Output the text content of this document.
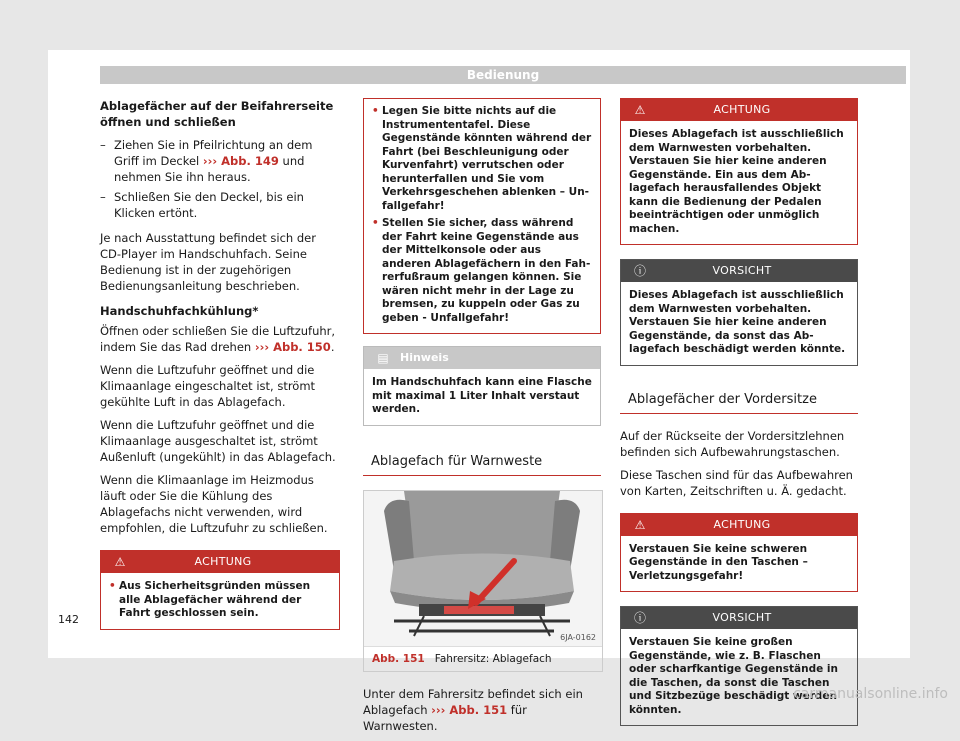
Bedienung

Ablagefächer auf der Beifahrerseite öffnen und schließen

– Ziehen Sie in Pfeilrichtung an dem Griff im Deckel ››› Abb. 149 und nehmen Sie ihn heraus.
– Schließen Sie den Deckel, bis ein Klicken ertönt.

Je nach Ausstattung befindet sich der CD-Player im Handschuhfach. Seine Bedienung ist in der zugehörigen Bedienungsanleitung beschrieben.

Handschuhfachkühlung*

Öffnen oder schließen Sie die Luftzufuhr, indem Sie das Rad drehen ››› Abb. 150.

Wenn die Luftzufuhr geöffnet und die Klimaanlage eingeschaltet ist, strömt gekühlte Luft in das Ablagefach.

Wenn die Luftzufuhr geöffnet und die Klimaanlage ausgeschaltet ist, strömt Außenluft (ungekühlt) in das Ablagefach.

Wenn die Klimaanlage im Heizmodus läuft oder Sie die Kühlung des Ablagefachs nicht verwenden, wird empfohlen, die Luftzufuhr zu schließen.

⚠	ACHTUNG
• Aus Sicherheitsgründen müssen alle Ablagefächer während der Fahrt geschlossen sein.
• Legen Sie bitte nichts auf die Instrumententafel. Diese Gegenstände könnten während der Fahrt (bei Beschleunigung oder Kurvenfahrt) verrutschen oder herunterfallen und Sie vom Verkehrsgeschehen ablenken – Unfallgefahr!
• Stellen Sie sicher, dass während der Fahrt keine Gegenstände aus der Mittelkonsole oder aus anderen Ablagefächern in den Fahrerfußraum gelangen können. Sie wären nicht mehr in der Lage zu bremsen, zu kuppeln oder Gas zu geben - Unfallgefahr!
▤	Hinweis
Im Handschuhfach kann eine Flasche mit maximal 1 Liter Inhalt verstaut werden.
Ablagefach für Warnweste
6JA-0162
Abb. 151 Fahrersitz: Ablagefach

Unter dem Fahrersitz befindet sich ein Ablagefach ››› Abb. 151 für Warnwesten.

⚠	ACHTUNG
Dieses Ablagefach ist ausschließlich dem Warnwesten vorbehalten. Verstauen Sie hier keine anderen Gegenstände. Ein aus dem Ablagefach herausfallendes Objekt kann die Bedienung der Pedalen beeinträchtigen oder unmöglich machen.
ⓘ	VORSICHT
Dieses Ablagefach ist ausschließlich dem Warnwesten vorbehalten. Verstauen Sie hier keine anderen Gegenstände, da sonst das Ablagefach beschädigt werden könnte.
Ablagefächer der Vordersitze

Auf der Rückseite der Vordersitzlehnen befinden sich Aufbewahrungstaschen.

Diese Taschen sind für das Aufbewahren von Karten, Zeitschriften u. Ä. gedacht.

⚠	ACHTUNG
Verstauen Sie keine schweren Gegenstände in den Taschen – Verletzungsgefahr!
ⓘ	VORSICHT
Verstauen Sie keine großen Gegenstände, wie z. B. Flaschen oder scharfkantige Gegenstände in die Taschen, da sonst die Taschen und Sitzbezüge beschädigt werden könnten.
142
carmanualsonline.info
